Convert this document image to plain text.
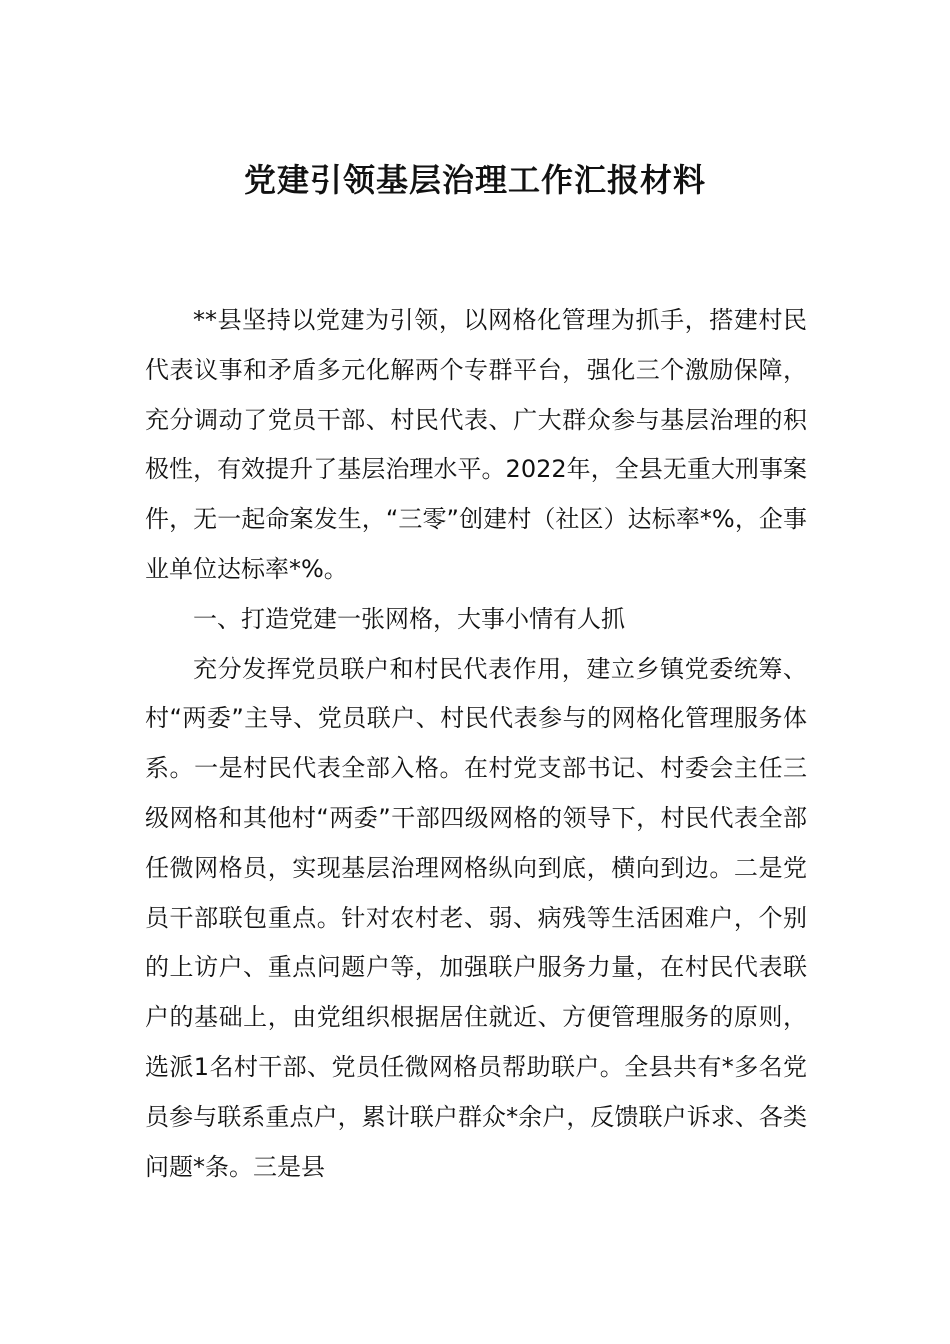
党建引领基层治理工作汇报材料

**县坚持以党建为引领，以网格化管理为抓手，搭建村民代表议事和矛盾多元化解两个专群平台，强化三个激励保障，充分调动了党员干部、村民代表、广大群众参与基层治理的积极性，有效提升了基层治理水平。2022年，全县无重大刑事案件，无一起命案发生，“三零”创建村（社区）达标率*%，企事业单位达标率*%。

一、打造党建一张网格，大事小情有人抓

充分发挥党员联户和村民代表作用，建立乡镇党委统筹、村“两委”主导、党员联户、村民代表参与的网格化管理服务体系。一是村民代表全部入格。在村党支部书记、村委会主任三级网格和其他村“两委”干部四级网格的领导下，村民代表全部任微网格员，实现基层治理网格纵向到底，横向到边。二是党员干部联包重点。针对农村老、弱、病残等生活困难户，个别的上访户、重点问题户等，加强联户服务力量，在村民代表联户的基础上，由党组织根据居住就近、方便管理服务的原则，选派1名村干部、党员任微网格员帮助联户。全县共有*多名党员参与联系重点户，累计联户群众*余户，反馈联户诉求、各类问题*条。三是县
